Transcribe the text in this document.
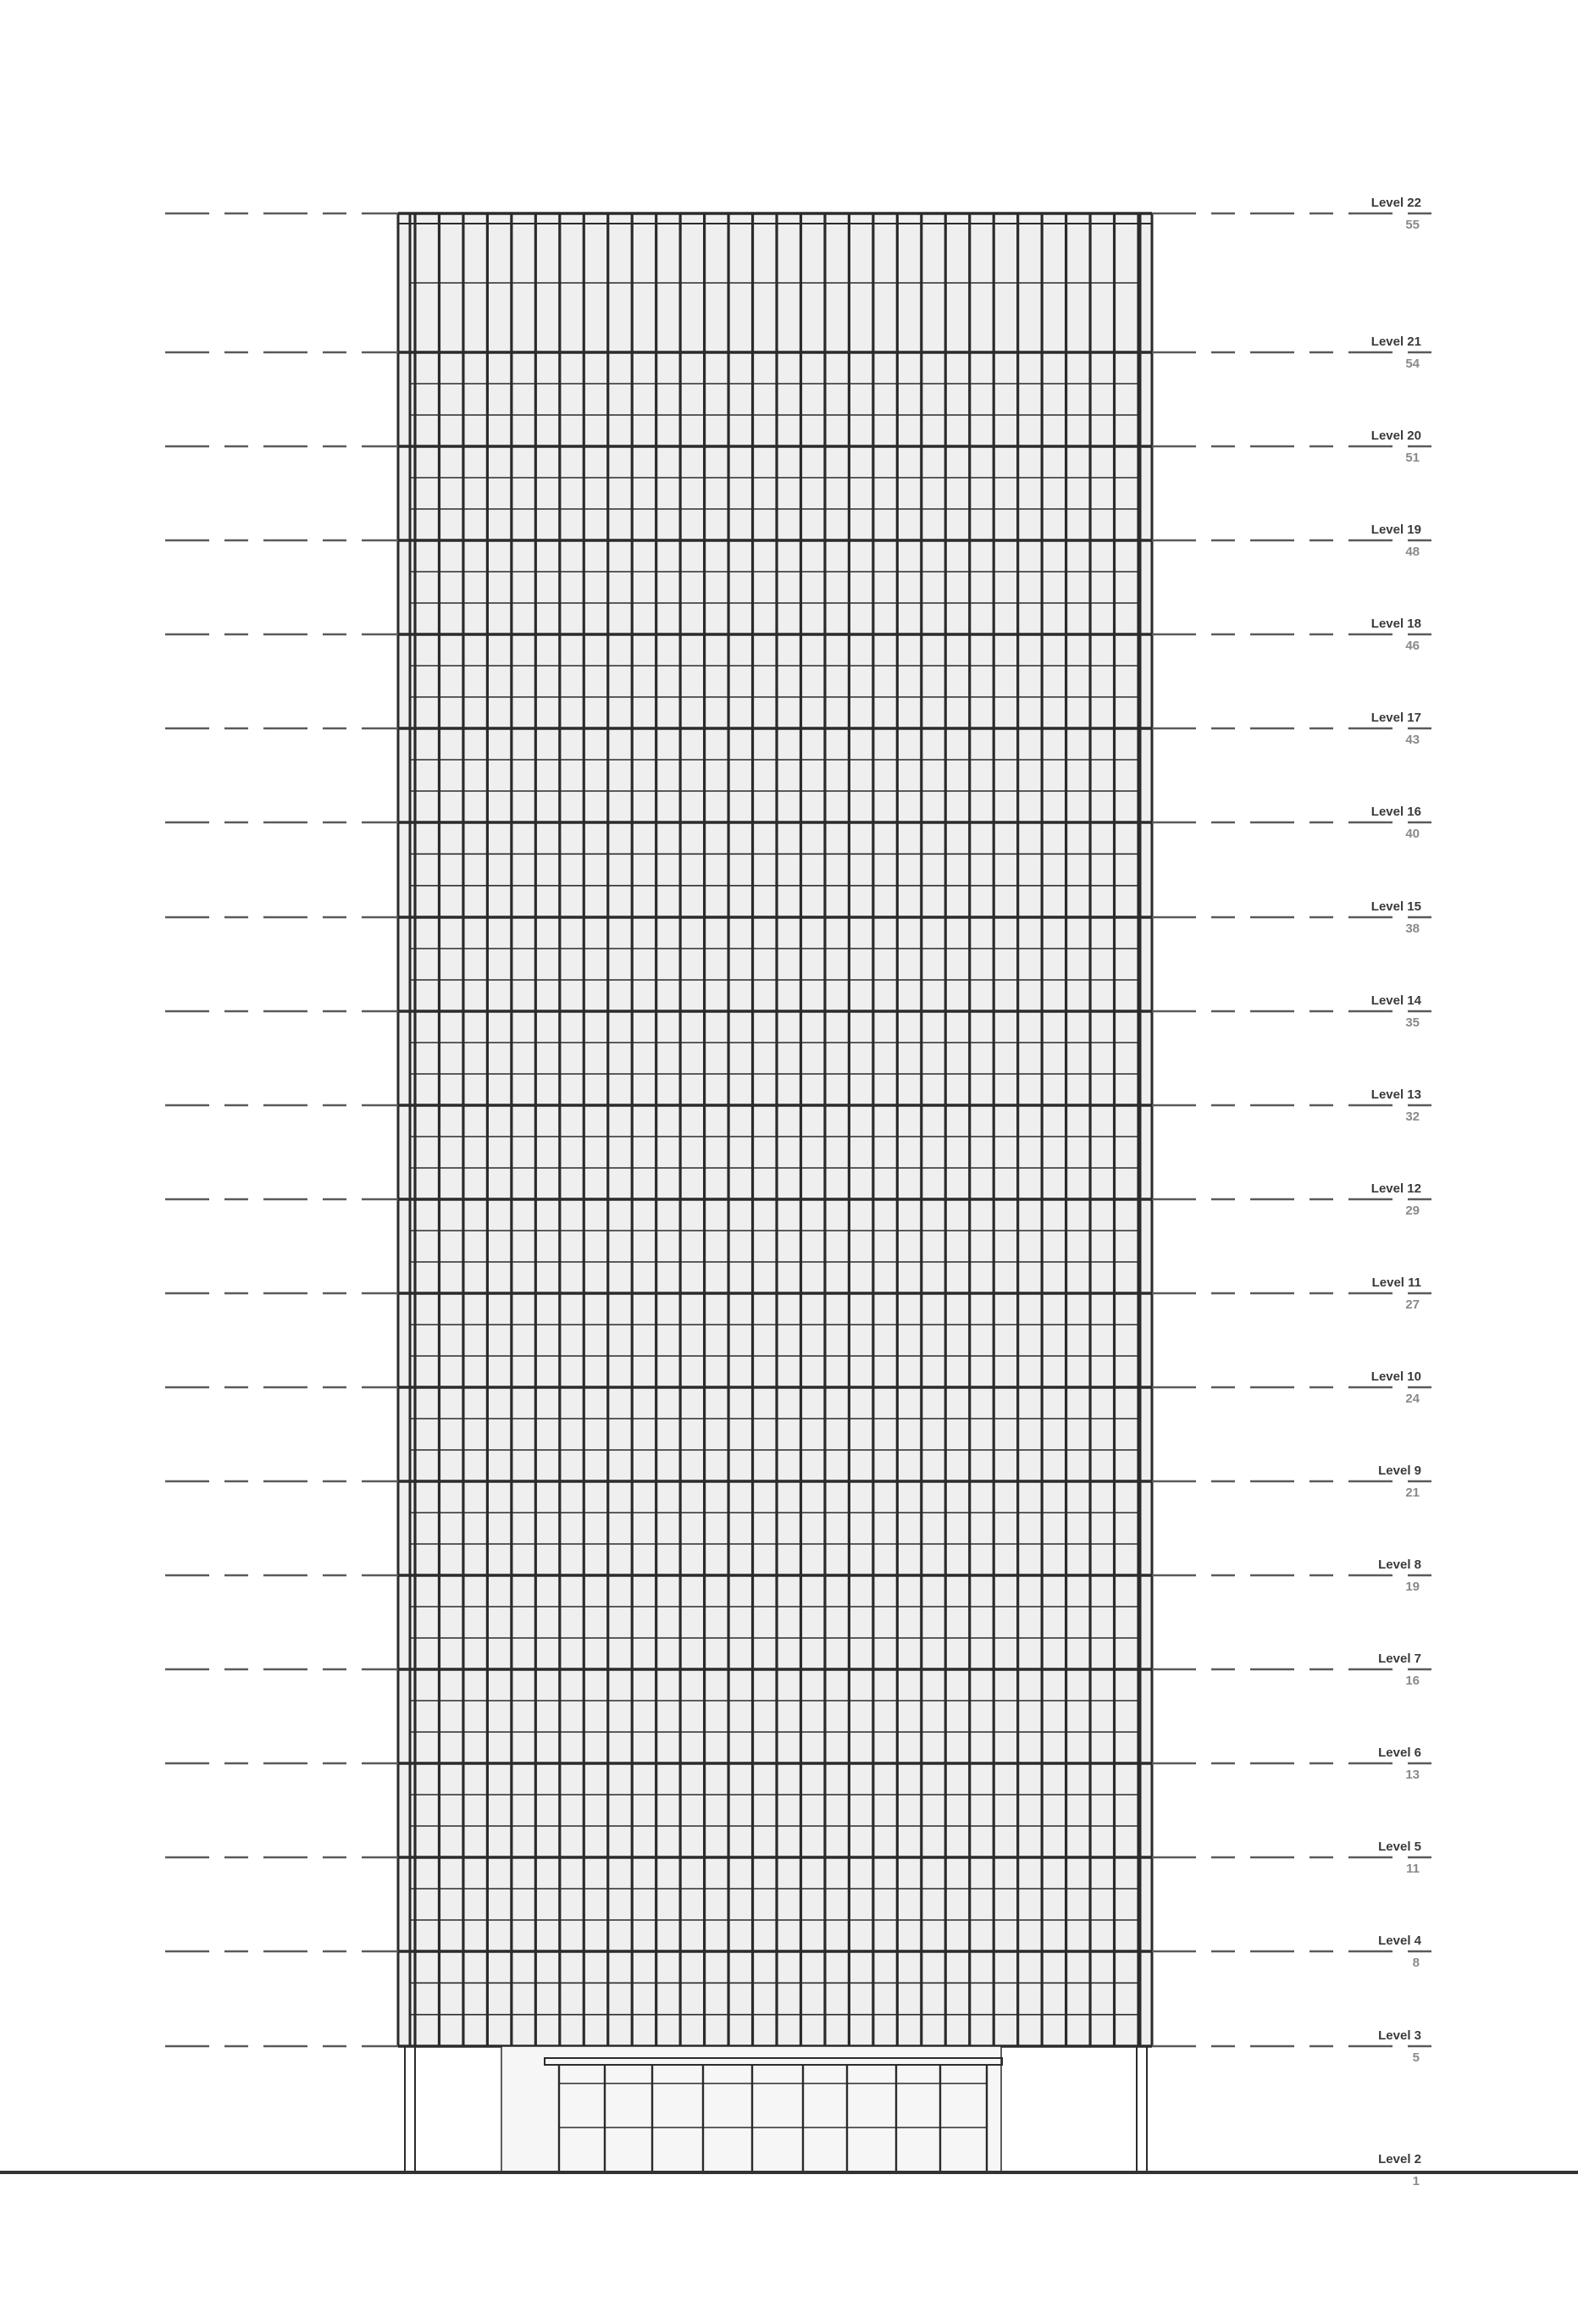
Level 22
55
Level 21
54
Level 20
51
Level 19
48
Level 18
46
Level 17
43
Level 16
40
Level 15
38
Level 14
35
Level 13
32
Level 12
29
Level 11
27
Level 10
24
Level 9
21
Level 8
19
Level 7
16
Level 6
13
Level 5
11
Level 4
8
Level 3
5
Level 2
1
